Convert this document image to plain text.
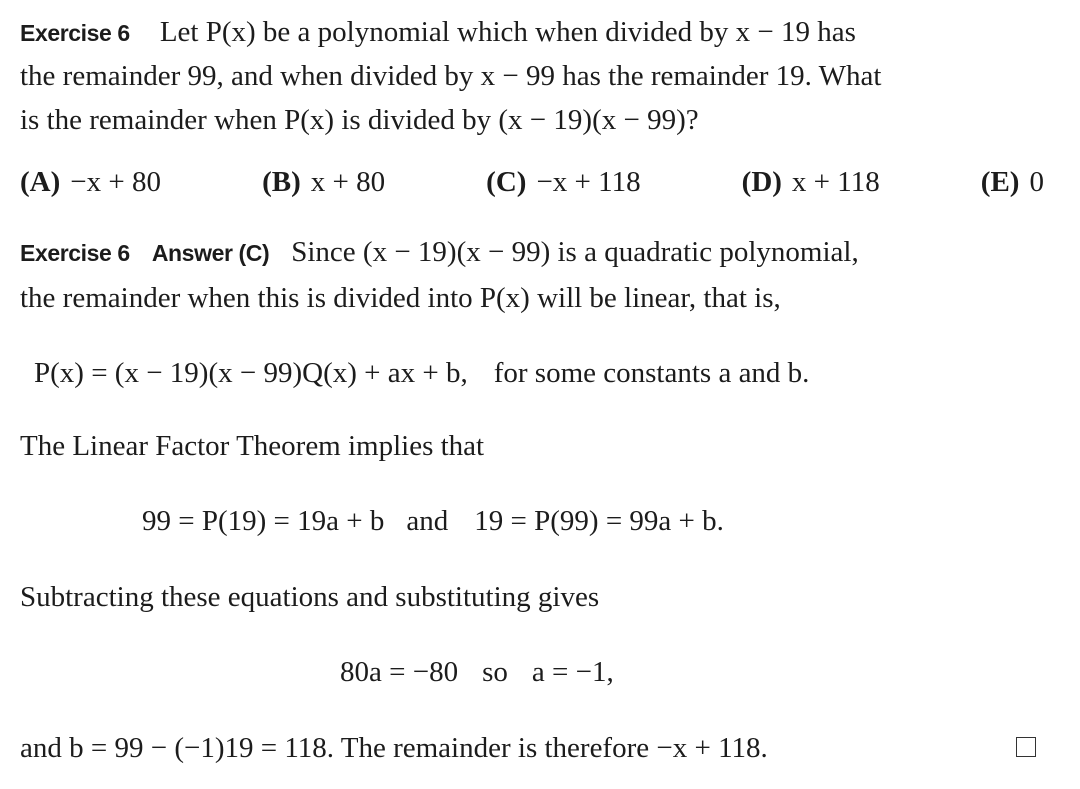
Exercise 6 Let P(x) be a polynomial which when divided by x − 19 has
the remainder 99, and when divided by x − 99 has the remainder 19. What
is the remainder when P(x) is divided by (x − 19)(x − 99)?
(A) −x + 80	(B) x + 80	(C) −x + 118	(D) x + 118	(E) 0
Exercise 6 Answer (C) Since (x − 19)(x − 99) is a quadratic polynomial,
the remainder when this is divided into P(x) will be linear, that is,
P(x) = (x − 19)(x − 99)Q(x) + ax + b, for some constants a and b.
The Linear Factor Theorem implies that
99 = P(19) = 19a + b and 19 = P(99) = 99a + b.
Subtracting these equations and substituting gives
80a = −80 so a = −1,
and b = 99 − (−1)19 = 118. The remainder is therefore −x + 118.
